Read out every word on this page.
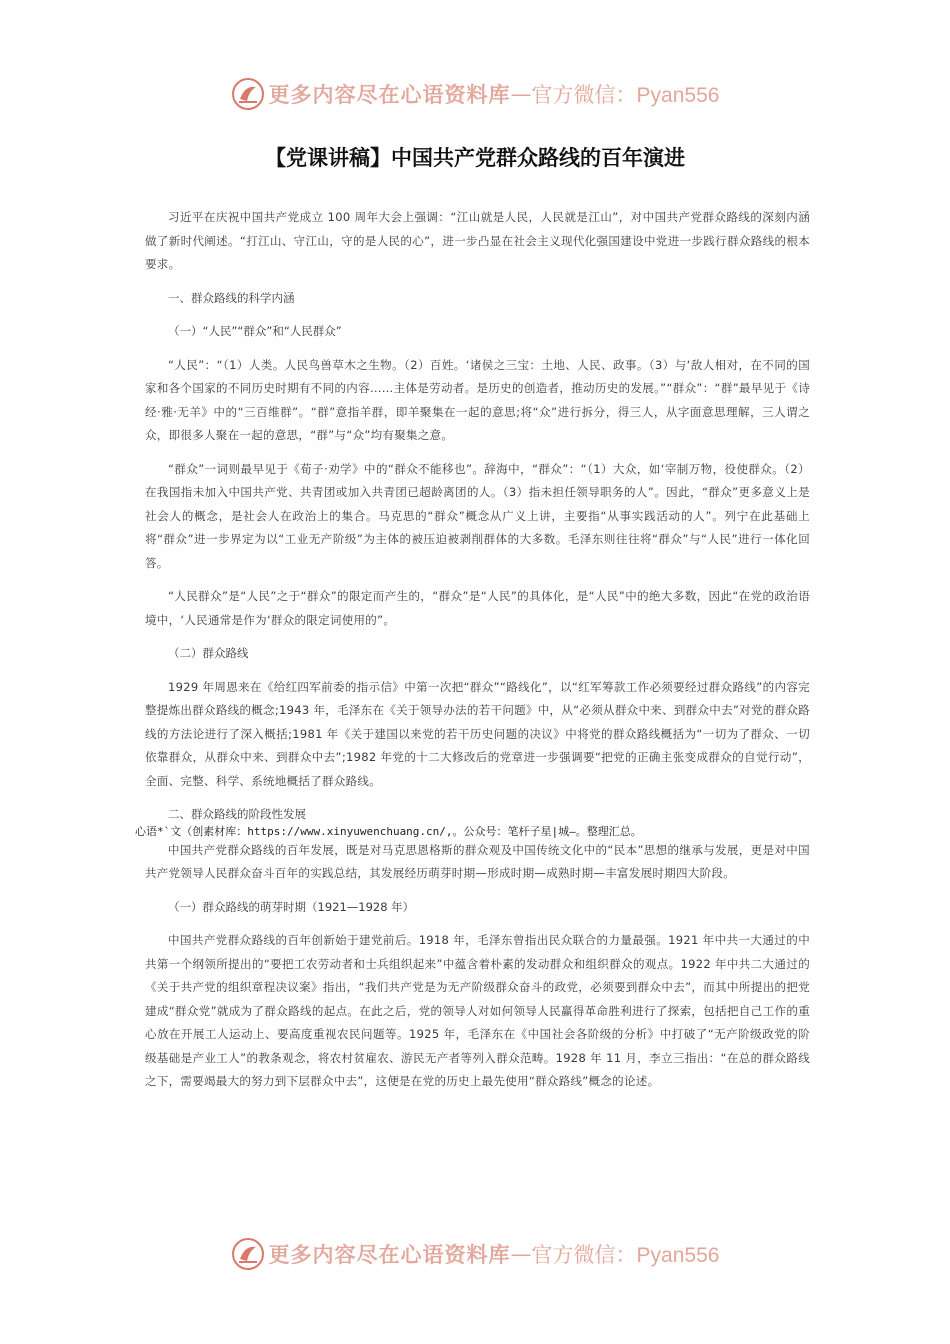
更多内容尽在心语资料库 — 官方微信：Pyan556
【党课讲稿】中国共产党群众路线的百年演进

习近平在庆祝中国共产党成立 100 周年大会上强调：“江山就是人民，人民就是江山”，对中国共产党群众路线的深刻内涵做了新时代阐述。“打江山、守江山，守的是人民的心”，进一步凸显在社会主义现代化强国建设中党进一步践行群众路线的根本要求。

一、群众路线的科学内涵
（一）“人民”“群众”和“人民群众”

“人民”：“（1）人类。人民鸟兽草木之生物。（2）百姓。‘诸侯之三宝：土地、人民、政事。（3）与‘敌人相对，在不同的国家和各个国家的不同历史时期有不同的内容……主体是劳动者。是历史的创造者，推动历史的发展。”“群众”：“群”最早见于《诗经·雅·无羊》中的“三百维群”。“群”意指羊群，即羊聚集在一起的意思;将“众”进行拆分，得三人，从字面意思理解，三人谓之众，即很多人聚在一起的意思，“群”与“众”均有聚集之意。

“群众”一词则最早见于《荀子·劝学》中的“群众不能移也”。辞海中，“群众”：“（1）大众，如‘宰制万物，役使群众。（2） 在我国指未加入中国共产党、共青团或加入共青团已超龄离团的人。（3）指未担任领导职务的人”。因此，“群众”更多意义上是社会人的概念，是社会人在政治上的集合。马克思的“群众”概念从广义上讲，主要指“从事实践活动的人”。列宁在此基础上将“群众”进一步界定为以“工业无产阶级”为主体的被压迫被剥削群体的大多数。毛泽东则往往将“群众”与“人民”进行一体化回答。

“人民群众”是“人民”之于“群众”的限定而产生的，“群众”是“人民”的具体化，是“人民”中的绝大多数，因此“在党的政治语境中，‘人民通常是作为‘群众的限定词使用的”。

（二）群众路线

1929 年周恩来在《给红四军前委的指示信》中第一次把“群众”“路线化”，以“红军筹款工作必须要经过群众路线”的内容完整提炼出群众路线的概念;1943 年，毛泽东在《关于领导办法的若干问题》中，从“必须从群众中来、到群众中去”对党的群众路线的方法论进行了深入概括;1981 年《关于建国以来党的若干历史问题的决议》中将党的群众路线概括为“一切为了群众、一切依靠群众，从群众中来、到群众中去”;1982 年党的十二大修改后的党章进一步强调要“把党的正确主张变成群众的自觉行动”，全面、完整、科学、系统地概括了群众路线。

二、群众路线的阶段性发展
心语*`文（创素材库：https://www.xinyuwenchuang.cn/,。公众号：笔杆子星|城—。整理汇总。

中国共产党群众路线的百年发展，既是对马克思恩格斯的群众观及中国传统文化中的“民本”思想的继承与发展，更是对中国共产党领导人民群众奋斗百年的实践总结，其发展经历萌芽时期—形成时期—成熟时期—丰富发展时期四大阶段。

（一）群众路线的萌芽时期（1921—1928 年）

中国共产党群众路线的百年创新始于建党前后。1918 年，毛泽东曾指出民众联合的力量最强。1921 年中共一大通过的中共第一个纲领所提出的“要把工农劳动者和士兵组织起来”中蕴含着朴素的发动群众和组织群众的观点。1922 年中共二大通过的《关于共产党的组织章程决议案》指出，“我们共产党是为无产阶级群众奋斗的政党，必须要到群众中去”，而其中所提出的把党建成“群众党”就成为了群众路线的起点。在此之后，党的领导人对如何领导人民赢得革命胜利进行了探索，包括把自己工作的重心放在开展工人运动上、要高度重视农民问题等。1925 年，毛泽东在《中国社会各阶级的分析》中打破了“无产阶级政党的阶级基础是产业工人”的教条观念，将农村贫雇农、游民无产者等列入群众范畴。1928 年 11 月，李立三指出：“在总的群众路线之下，需要竭最大的努力到下层群众中去”，这便是在党的历史上最先使用“群众路线”概念的论述。

更多内容尽在心语资料库 — 官方微信：Pyan556
